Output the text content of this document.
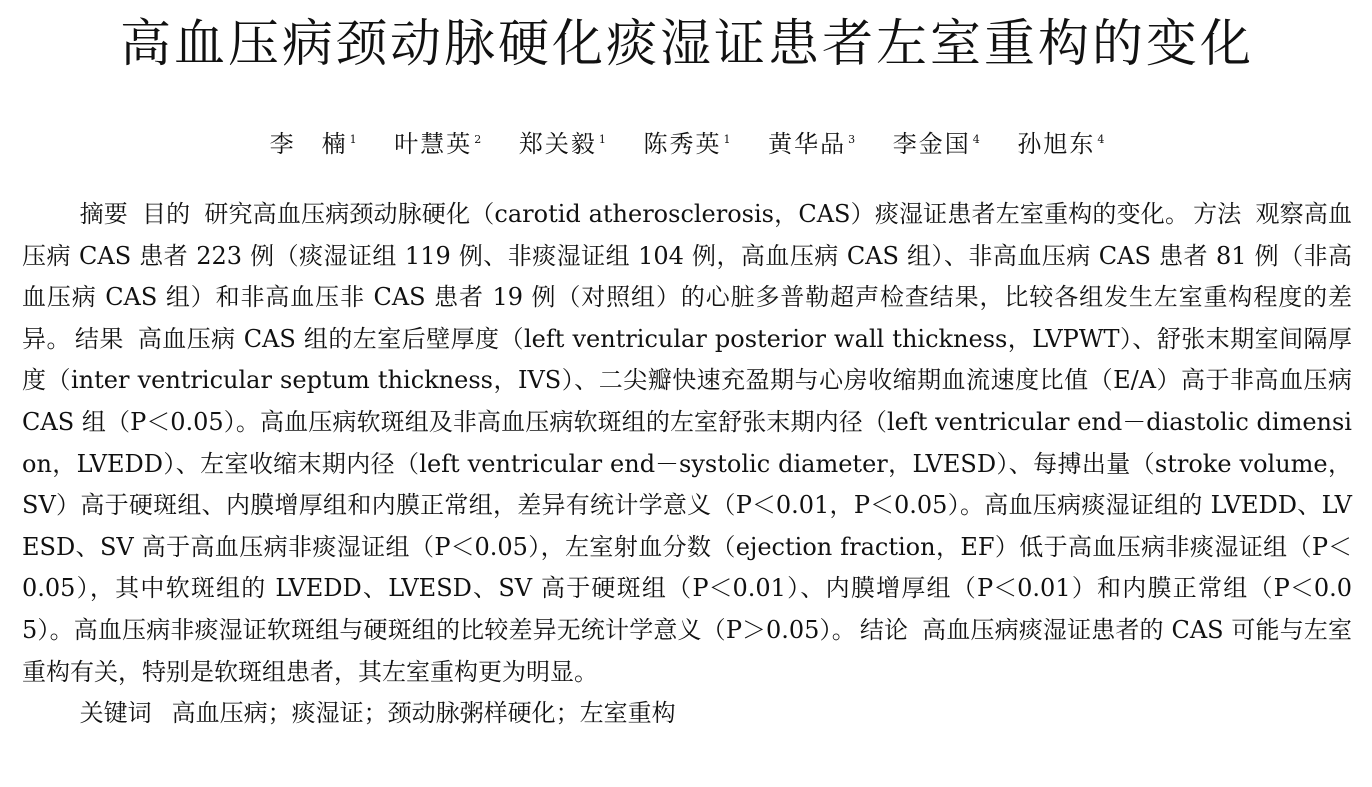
高血压病颈动脉硬化痰湿证患者左室重构的变化
李　楠 $^1$ 叶慧英 $^2$ 郑关毅 $^1$ 陈秀英 $^1$ 黄华品 $^3$ 李金国 $^4$ 孙旭东 $^4$
摘要 目的 研究高血压病颈动脉硬化（carotid atherosclerosis，CAS）痰湿证患者左室重构的变化。 方法 观察高血压病 CAS 患者 223 例（痰湿证组 119 例、非痰湿证组 104 例，高血压病 CAS 组）、非高血压病 CAS 患者 81 例（非高血压病 CAS 组）和非高血压非 CAS 患者 19 例（对照组）的心脏多普勒超声检查结果，比较各组发生左室重构程度的差异。 结果 高血压病 CAS 组的左室后壁厚度（left ventricular posterior wall thickness，LVPWT）、舒张末期室间隔厚度（inter ventricular septum thickness，IVS）、二尖瓣快速充盈期与心房收缩期血流速度比值（E/A）高于非高血压病 CAS 组（P＜0.05）。高血压病软斑组及非高血压病软斑组的左室舒张末期内径（left ventricular end－diastolic dimension，LVEDD）、左室收缩末期内径（left ventricular end－systolic diameter，LVESD）、每搏出量（stroke volume，SV）高于硬斑组、内膜增厚组和内膜正常组，差异有统计学意义（P＜0.01，P＜0.05）。高血压病痰湿证组的 LVEDD、LVESD、SV 高于高血压病非痰湿证组（P＜0.05），左室射血分数（ejection fraction，EF）低于高血压病非痰湿证组（P＜0.05），其中软斑组的 LVEDD、LVESD、SV 高于硬斑组（P＜0.01）、内膜增厚组（P＜0.01）和内膜正常组（P＜0.05）。高血压病非痰湿证软斑组与硬斑组的比较差异无统计学意义（P＞0.05）。 结论 高血压病痰湿证患者的 CAS 可能与左室重构有关，特别是软斑组患者，其左室重构更为明显。
关键词 高血压病；痰湿证；颈动脉粥样硬化；左室重构
